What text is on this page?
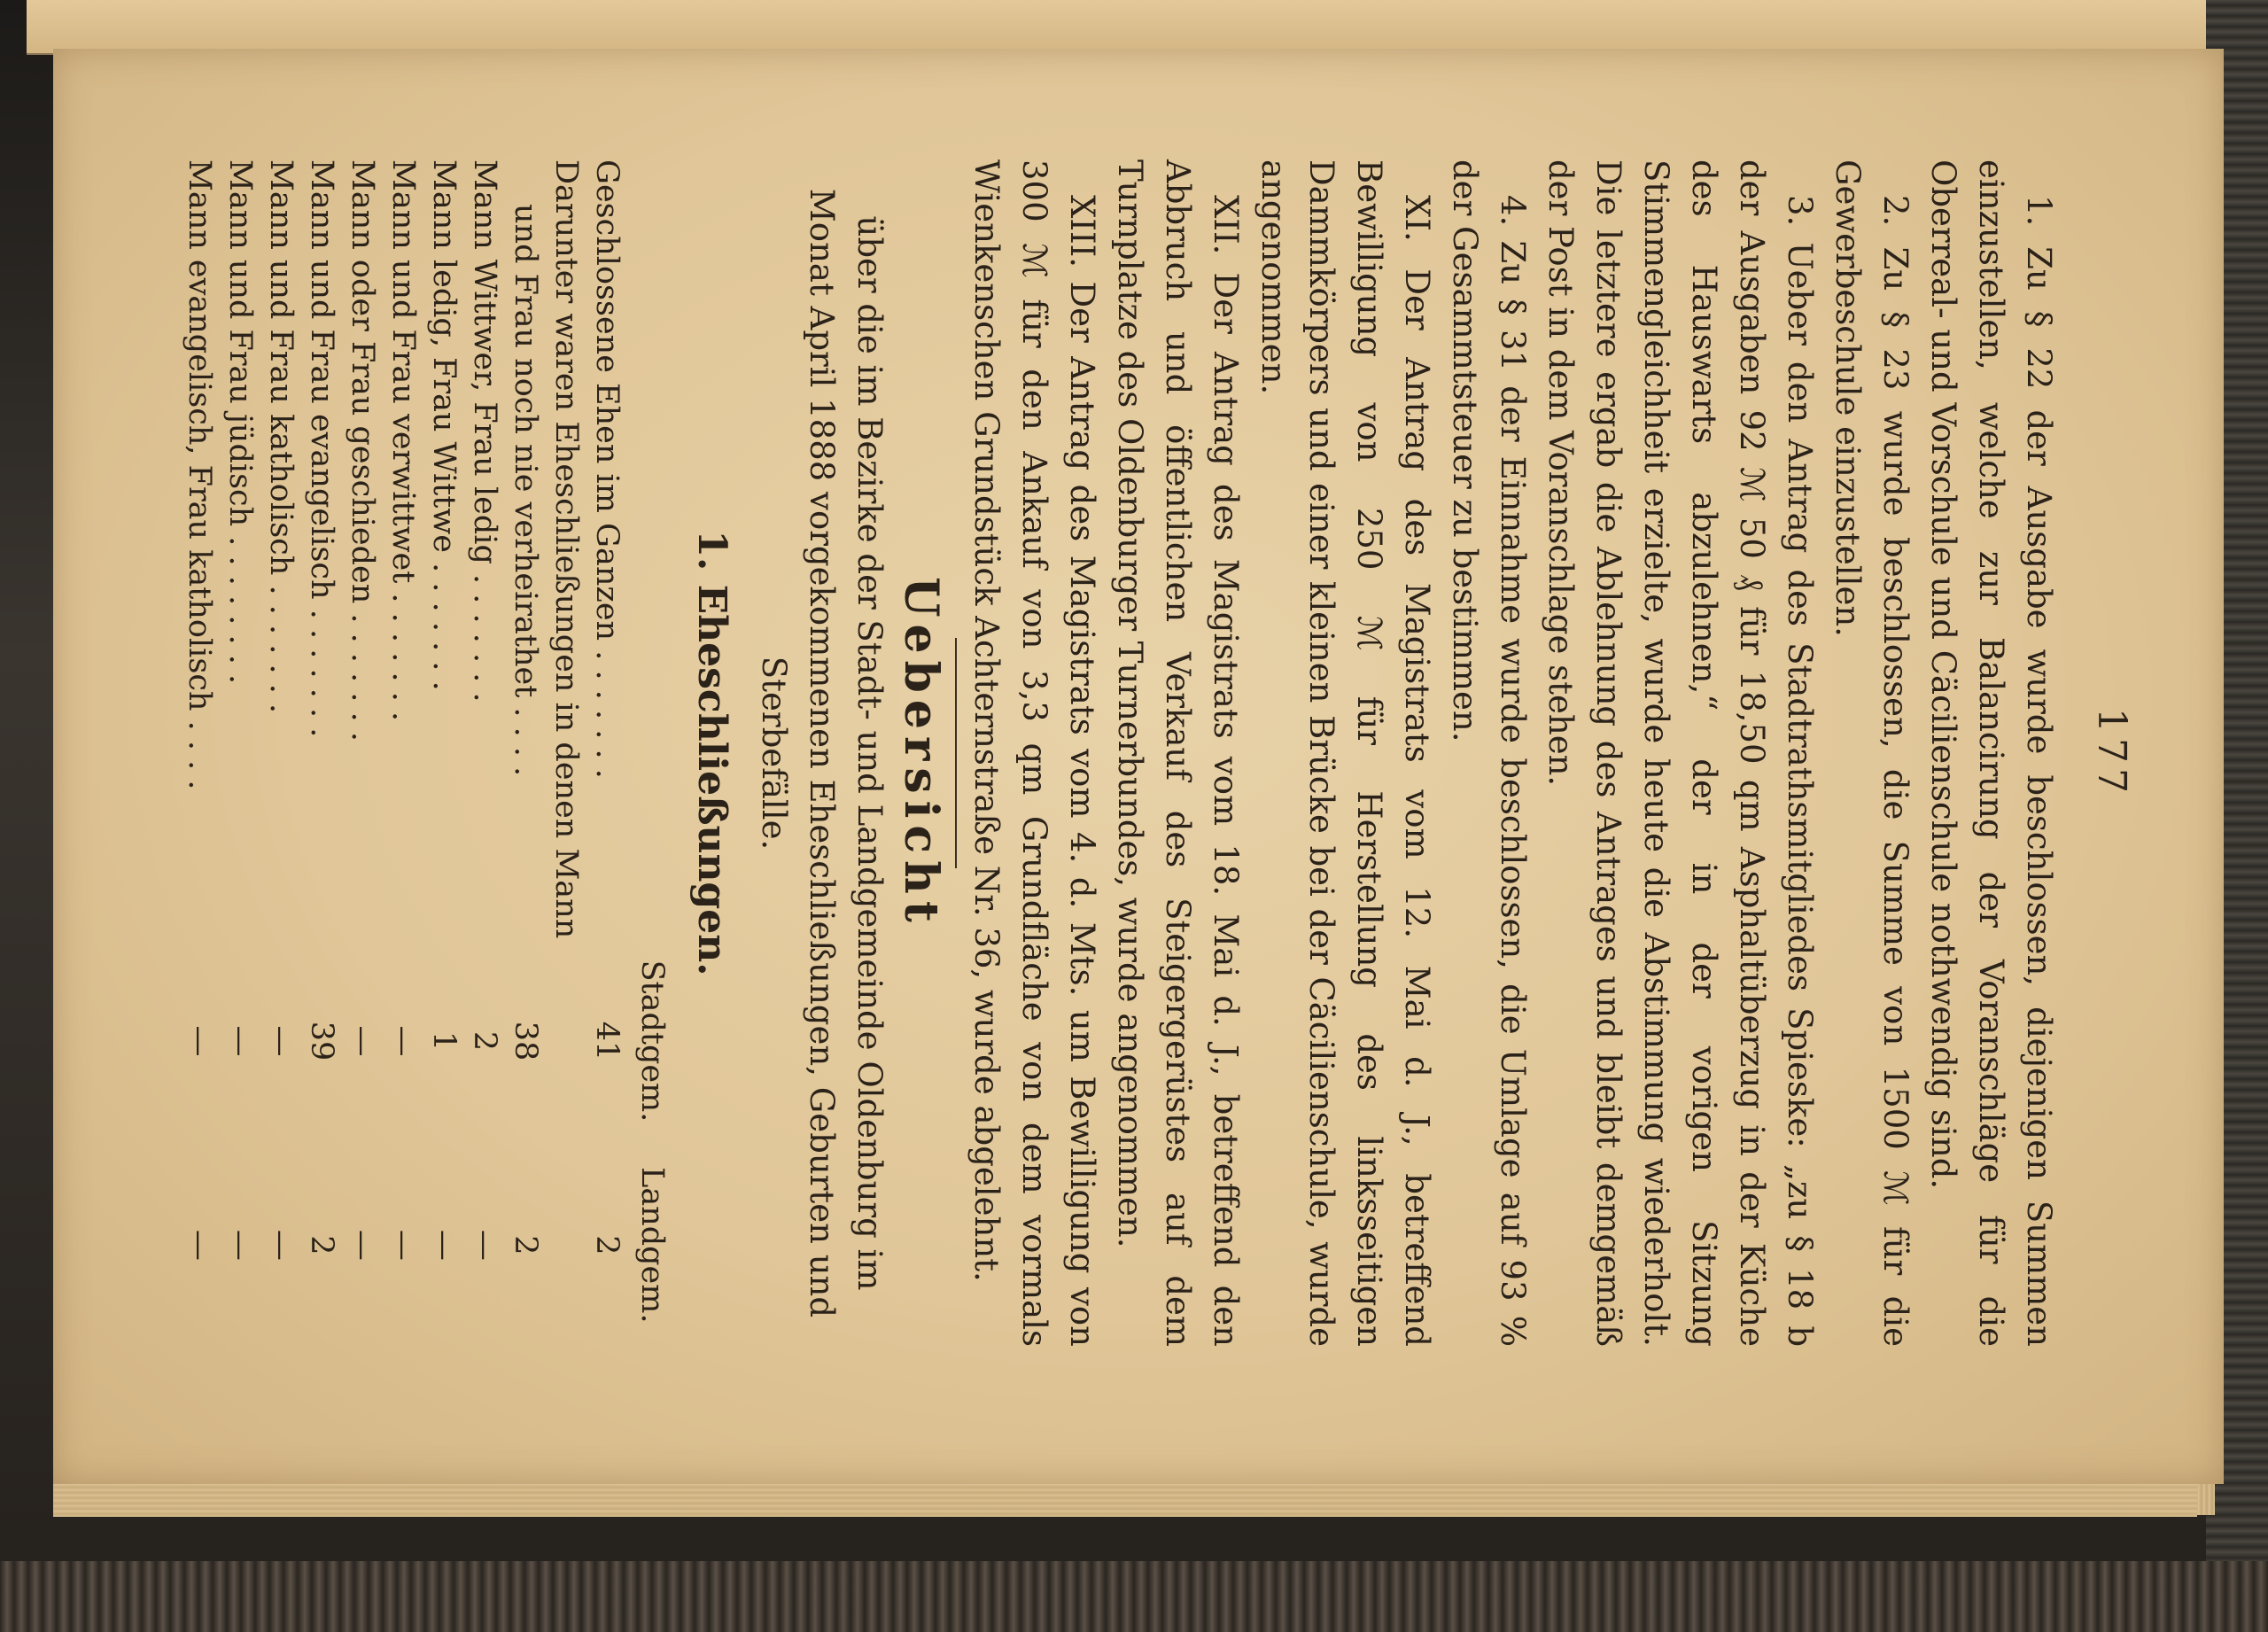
177

1. Zu § 22 der Ausgabe wurde beschlossen, diejenigen Summen einzustellen, welche zur Balancirung der Voranschläge für die Oberreal- und Vorschule und Cäcilienschule nothwendig sind.

2. Zu § 23 wurde beschlossen, die Summe von 1500 ℳ für die Gewerbeschule einzustellen.

3. Ueber den Antrag des Stadtrathsmitgliedes Spieske: „zu § 18 b der Ausgaben 92 ℳ 50 ₰ für 18,50 qm Asphaltüberzug in der Küche des Hauswarts abzulehnen,“ der in der vorigen Sitzung Stimmengleichheit erzielte, wurde heute die Abstimmung wiederholt. Die letztere ergab die Ablehnung des Antrages und bleibt demgemäß der Post in dem Voranschlage stehen.

4. Zu § 31 der Einnahme wurde beschlossen, die Umlage auf 93 % der Gesammtsteuer zu bestimmen.

XI. Der Antrag des Magistrats vom 12. Mai d. J., betreffend Bewilligung von 250 ℳ für Herstellung des linksseitigen Dammkörpers und einer kleinen Brücke bei der Cäcilienschule, wurde angenommen.

XII. Der Antrag des Magistrats vom 18. Mai d. J., betreffend den Abbruch und öffentlichen Verkauf des Steigergerüstes auf dem Turnplatze des Oldenburger Turnerbundes, wurde angenommen.

XIII. Der Antrag des Magistrats vom 4. d. Mts. um Bewilligung von 300 ℳ für den Ankauf von 3,3 qm Grundfläche von dem vormals Wienkenschen Grundstück Achternstraße Nr. 36, wurde abgelehnt.

Uebersicht

über die im Bezirke der Stadt- und Landgemeinde Oldenburg im Monat April 1888 vorgekommenen Eheschließungen, Geburten und Sterbefälle.

1. Eheschließungen.
	Stadtgem.	Landgem.
Geschlossene Ehen im Ganzen . . . . . . .	41	2
Darunter waren Eheschließungen in denen Mann		
und Frau noch nie verheirathet . . . .	38	2
Mann Wittwer, Frau ledig . . . . . . .	2	—
Mann ledig, Frau Wittwe . . . . . . .	1	—
Mann und Frau verwittwet . . . . . . .	—	—
Mann oder Frau geschieden . . . . . . .	—	—
Mann und Frau evangelisch . . . . . . .	39	2
Mann und Frau katholisch . . . . . . .	—	—
Mann und Frau jüdisch . . . . . . . .	—	—
Mann evangelisch, Frau katholisch . . . .	—	—
